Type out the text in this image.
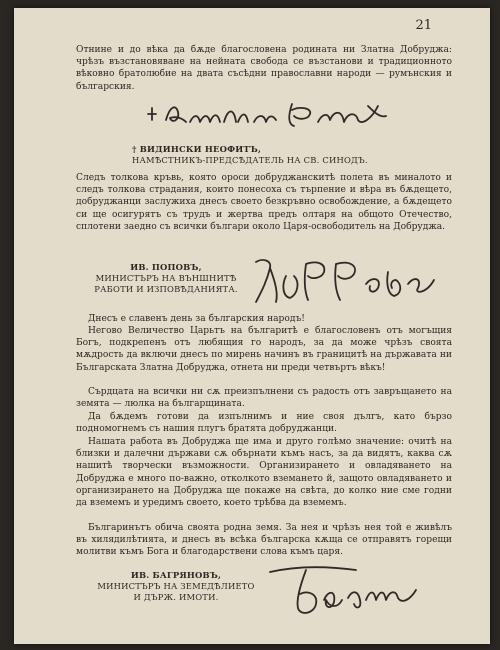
21

Отнине и до вѣка да бѫде благословена родината ни Златна Добруджа: чрѣзъ възстановяване на нейната свобода се възстанови и традиционното вѣковно братолюбие на двата съсѣдни православни народи — румънския и българския.

† ВИДИНСКИ НЕОФИТЪ,
НАМѢСТНИКЪ-ПРЕДСѢДАТЕЛЬ НА СВ. СИНОДЪ.

Следъ толкова кръвь, която ороси добруджанскитѣ полета въ миналото и следъ толкова страдания, които понесоха съ търпение и вѣра въ бѫдещето, добруджанци заслужиха днесъ своето безкръвно освобождение, а бѫдещето си ще осигурятъ съ трудъ и жертва предъ олтаря на общото Отечество, сплотени заедно съ всички българи около Царя-освободитель на Добруджа.

ИВ. ПОПОВЪ,
МИНИСТЪРЪ НА ВЪНШНИТѢ
РАБОТИ И ИЗПОВѢДАНИЯТА.

Днесъ е славенъ день за българския народъ!

Негово Величество Царьтъ на българитѣ е благословенъ отъ могъщия Богъ, подкрепенъ отъ любящия го народъ, за да може чрѣзъ своята мѫдрость да включи днесъ по мирень начинъ въ границитѣ на държавата ни Българската Златна Добруджа, отнета ни преди четвъртъ вѣкъ!

Сърдцата на всички ни сѫ преизпълнени съ радость отъ завръщането на земята — люлка на българщината.

Да бѫдемъ готови да изпълнимъ и ние своя дългъ, като бързо подномогнемъ съ нашия плугъ братята добруджанци.

Нашата работа въ Добруджа ще има и друго голѣмо значение: очитѣ на близки и далечни държави сѫ обърнати къмъ насъ, за да видятъ, каква сѫ нашитѣ творчески възможности. Организирането и овладяването на Добруджа е много по-важно, отколкото вземането й, защото овладяването и организирането на Добруджа ще покаже на свѣта, до колко ние сме годни да вземемъ и уредимъ своето, което трѣбва да вземемъ.

Българинътъ обича своята родна земя. За нея и чрѣзъ нея той е живѣлъ въ хилядилѣтията, и днесъ въ всѣка българска кѫща се отправятъ горещи молитви къмъ Бога и благодарствени слова къмъ царя.

ИВ. БАГРЯНОВЪ,
МИНИСТЪРЪ НА ЗЕМЕДѢЛИЕТО
И ДЪРЖ. ИМОТИ.
